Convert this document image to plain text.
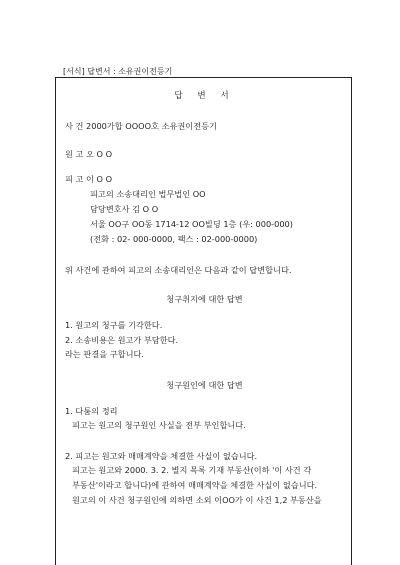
[서식] 답변서 : 소유권이전등기
답 변 서
사 건 2000가합 OOOO호 소유권이전등기
원 고 오 O O
피 고 이 O O
피고의 소송대리인 법무법인 OO
담당변호사 김 O O
서울 OO구 OO동 1714-12 OO빌딩 1층 (우: 000-000)
(전화 : 02- 000-0000, 팩스 : 02-000-0000)
위 사건에 관하여 피고의 소송대리인은 다음과 같이 답변합니다.
청구취지에 대한 답변
1. 원고의 청구를 기각한다.
2. 소송비용은 원고가 부담한다.
라는 판결을 구합니다.
청구원인에 대한 답변
1. 다툼의 정리
피고는 원고의 청구원인 사실을 전부 부인합니다.
2. 피고는 원고와 매매계약을 체결한 사실이 없습니다.
피고는 원고와 2000. 3. 2. 별지 목록 기재 부동산(이하 '이 사건 각
부동산'이라고 합니다)에 관하여 매매계약을 체결한 사실이 없습니다.
원고의 이 사건 청구원인에 의하면 소외 이OO가 이 사건 1,2 부동산을
